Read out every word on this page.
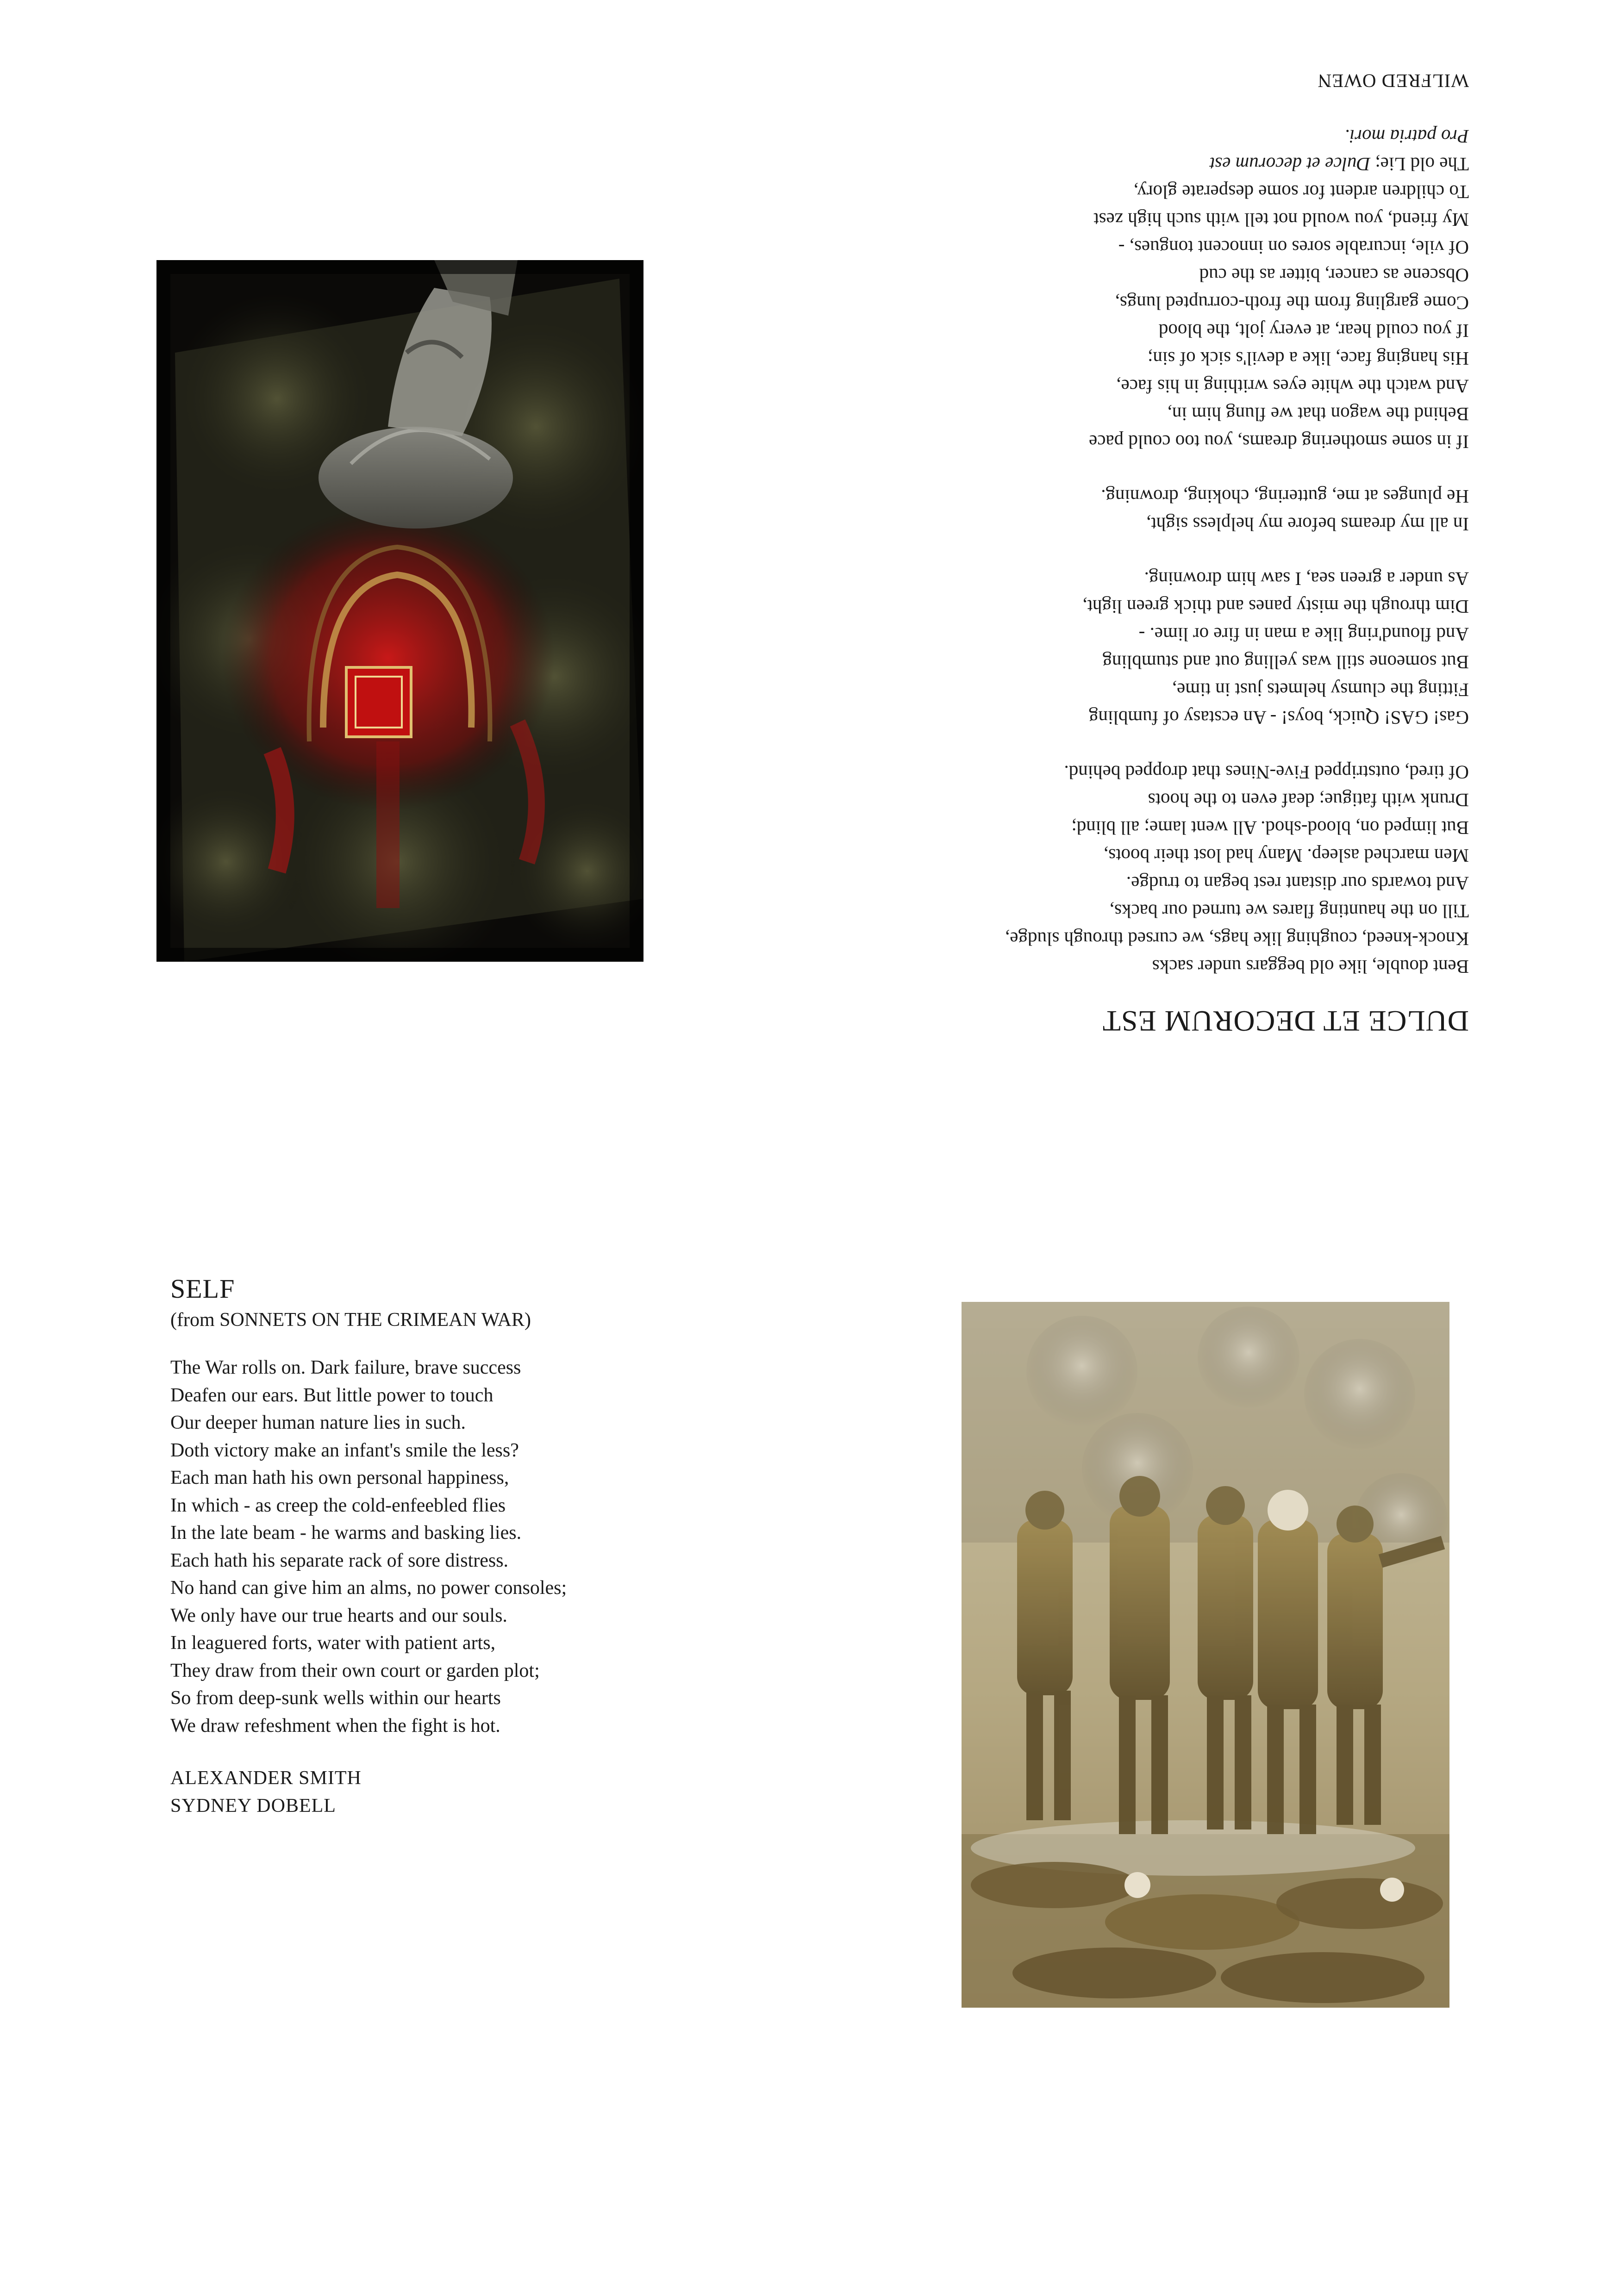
DULCE ET DECORUM EST
Bent double, like old beggars under sacks
Knock-kneed, coughing like hags, we cursed through sludge,
Till on the haunting flares we turned our backs,
And towards our distant rest began to trudge.
Men marched asleep. Many had lost their boots,
But limped on, blood-shod. All went lame; all blind;
Drunk with fatigue; deaf even to the hoots
Of tired, outstripped Five-Nines that dropped behind.
Gas! GAS! Quick, boys! - An ecstasy of fumbling
Fitting the clumsy helmets just in time,
But someone still was yelling out and stumbling
And flound'ring like a man in fire or lime. -
Dim through the misty panes and thick green light,
As under a green sea, I saw him drowning.
In all my dreams before my helpless sight,
He plunges at me, guttering, choking, drowning.
If in some smothering dreams, you too could pace
Behind the wagon that we flung him in,
And watch the white eyes writhing in his face,
His hanging face, like a devil's sick of sin;
If you could hear, at every jolt, the blood
Come gargling from the froth-corrupted lungs,
Obscene as cancer, bitter as the cud
Of vile, incurable sores on innocent tongues, -
My friend, you would not tell with such high zest
To children ardent for some desperate glory,
The old Lie; Dulce et decorum est
Pro patria mori.
WILFRED OWEN
SELF
(from SONNETS ON THE CRIMEAN WAR)
The War rolls on. Dark failure, brave success
Deafen our ears. But little power to touch
Our deeper human nature lies in such.
Doth victory make an infant's smile the less?
Each man hath his own personal happiness,
In which - as creep the cold-enfeebled flies
In the late beam - he warms and basking lies.
Each hath his separate rack of sore distress.
No hand can give him an alms, no power consoles;
We only have our true hearts and our souls.
In leaguered forts, water with patient arts,
They draw from their own court or garden plot;
So from deep-sunk wells within our hearts
We draw refeshment when the fight is hot.
ALEXANDER SMITH
SYDNEY DOBELL
